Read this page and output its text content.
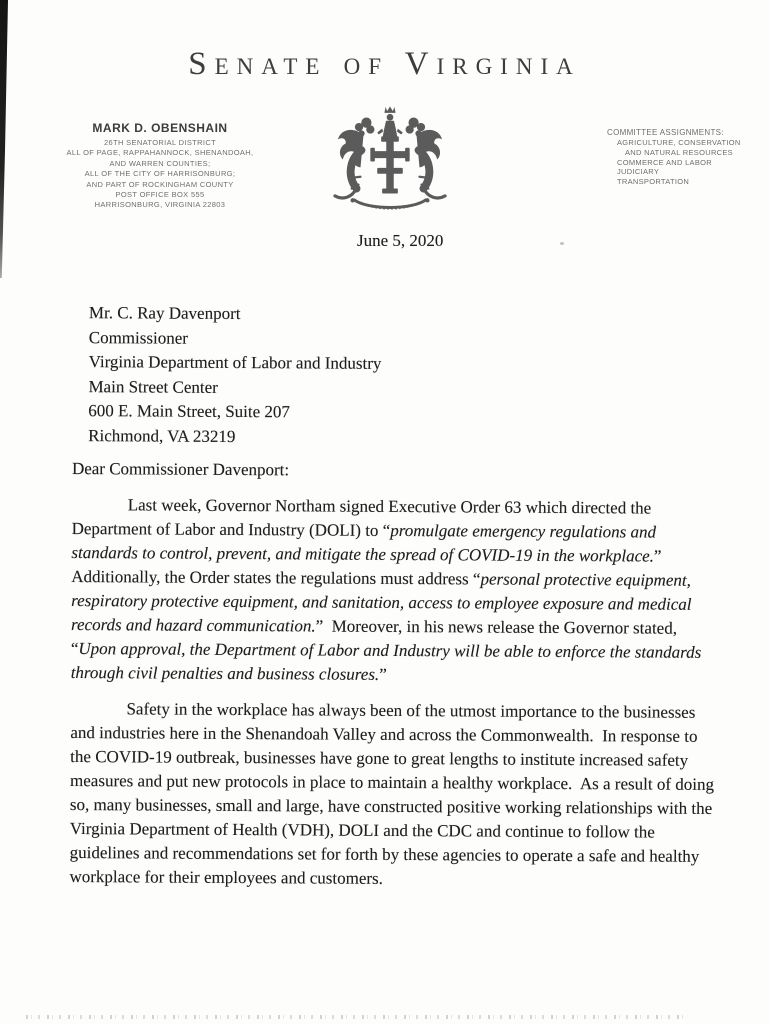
Senate of Virginia
MARK D. OBENSHAIN
26TH SENATORIAL DISTRICT
ALL OF PAGE, RAPPAHANNOCK, SHENANDOAH,
AND WARREN COUNTIES;
ALL OF THE CITY OF HARRISONBURG;
AND PART OF ROCKINGHAM COUNTY
POST OFFICE BOX 555
HARRISONBURG, VIRGINIA 22803
COMMITTEE ASSIGNMENTS:
AGRICULTURE, CONSERVATION AND NATURAL RESOURCES
COMMERCE AND LABOR
JUDICIARY
TRANSPORTATION
June 5, 2020
Mr. C. Ray Davenport
Commissioner
Virginia Department of Labor and Industry
Main Street Center
600 E. Main Street, Suite 207
Richmond, VA 23219
Dear Commissioner Davenport:

Last week, Governor Northam signed Executive Order 63 which directed the Department of Labor and Industry (DOLI) to “promulgate emergency regulations and standards to control, prevent, and mitigate the spread of COVID-19 in the workplace.”  Additionally, the Order states the regulations must address “personal protective equipment, respiratory protective equipment, and sanitation, access to employee exposure and medical records and hazard communication.”  Moreover, in his news release the Governor stated, “Upon approval, the Department of Labor and Industry will be able to enforce the standards through civil penalties and business closures.”

Safety in the workplace has always been of the utmost importance to the businesses and industries here in the Shenandoah Valley and across the Commonwealth.  In response to the COVID-19 outbreak, businesses have gone to great lengths to institute increased safety measures and put new protocols in place to maintain a healthy workplace.  As a result of doing so, many businesses, small and large, have constructed positive working relationships with the Virginia Department of Health (VDH), DOLI and the CDC and continue to follow the guidelines and recommendations set for forth by these agencies to operate a safe and healthy workplace for their employees and customers.
